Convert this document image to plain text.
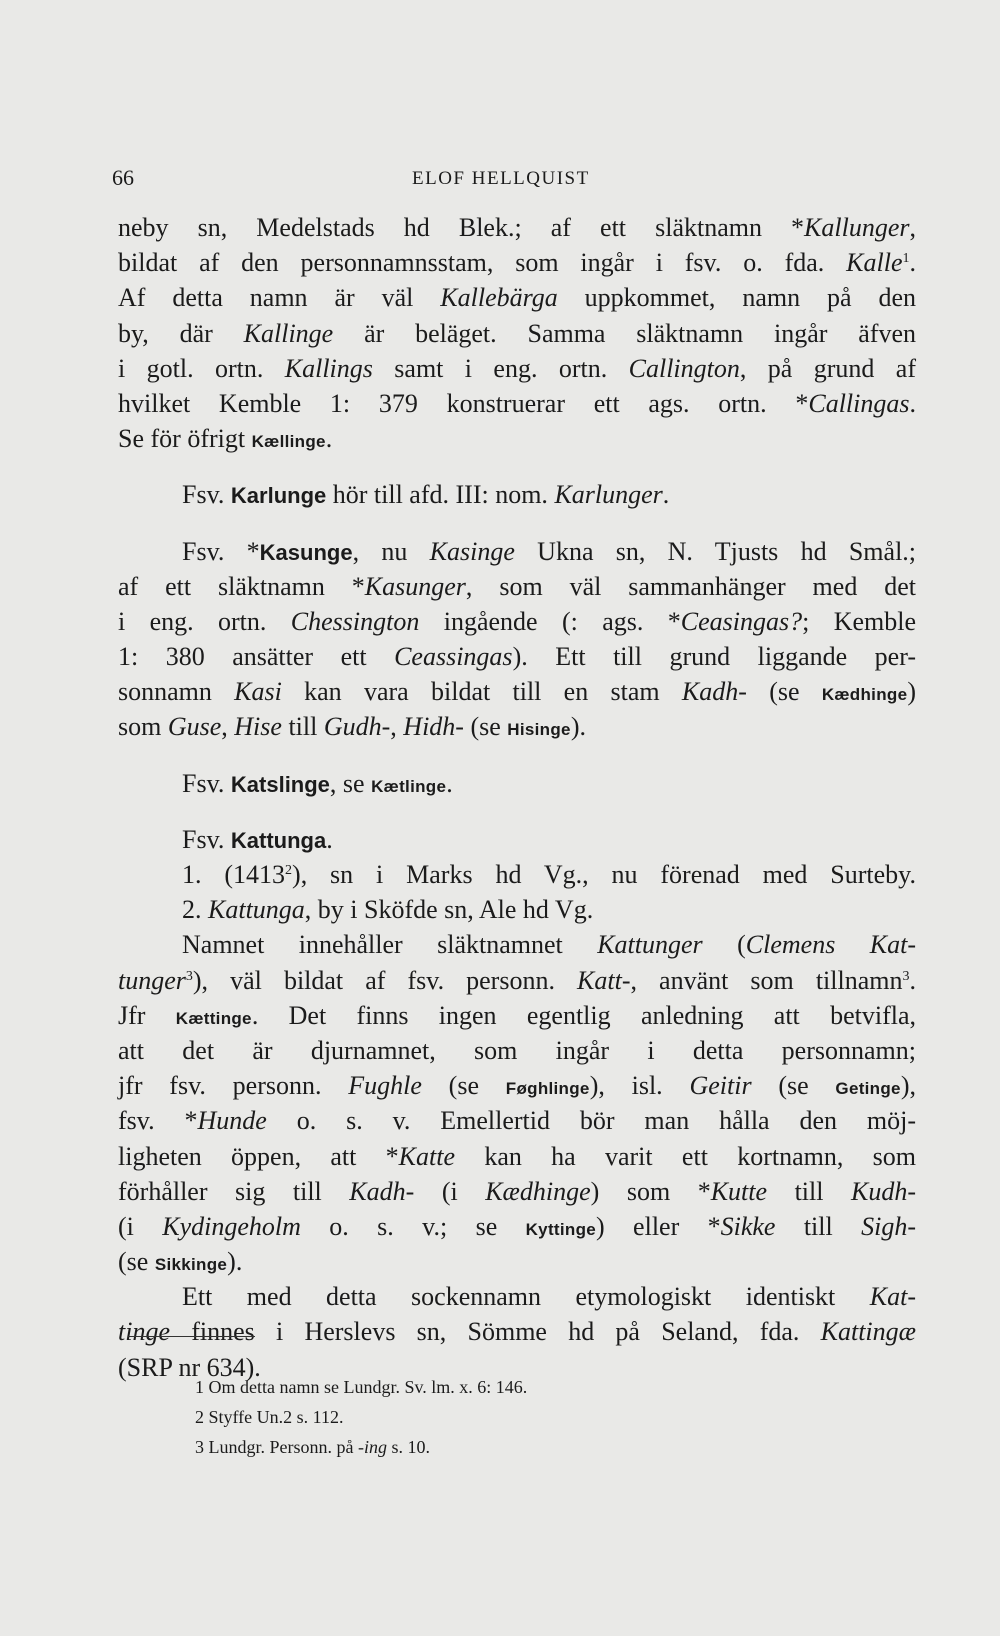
66	ELOF HELLQUIST
neby sn, Medelstads hd Blek.; af ett släktnamn *Kallunger,
bildat af den personnamnsstam, som ingår i fsv. o. fda. Kalle$^1$.
Af detta namn är väl Kallebärga uppkommet, namn på den
by, där Kallinge är beläget. Samma släktnamn ingår äfven
i gotl. ortn. Kallings samt i eng. ortn. Callington, på grund af
hvilket Kemble 1: 379 konstruerar ett ags. ortn. *Callingas.
Se för öfrigt Kællinge.
Fsv. Karlunge hör till afd. III: nom. Karlunger.
Fsv. *Kasunge, nu Kasinge Ukna sn, N. Tjusts hd Smål.;
af ett släktnamn *Kasunger, som väl sammanhänger med det
i eng. ortn. Chessington ingående (: ags. *Ceasingas?; Kemble
1: 380 ansätter ett Ceassingas). Ett till grund liggande per-
sonnamn Kasi kan vara bildat till en stam Kadh- (se Kædhinge)
som Guse, Hise till Gudh-, Hidh- (se Hisinge).
Fsv. Katslinge, se Kætlinge.
Fsv. Kattunga.
1. (1413$^2$), sn i Marks hd Vg., nu förenad med Surteby.
2. Kattunga, by i Sköfde sn, Ale hd Vg.
Namnet innehåller släktnamnet Kattunger (Clemens Kat-
tunger$^3$), väl bildat af fsv. personn. Katt-, använt som tillnamn$^3$.
Jfr Kættinge. Det finns ingen egentlig anledning att betvifla,
att det är djurnamnet, som ingår i detta personnamn;
jfr fsv. personn. Fughle (se Føghlinge), isl. Geitir (se Getinge),
fsv. *Hunde o. s. v. Emellertid bör man hålla den möj-
ligheten öppen, att *Katte kan ha varit ett kortnamn, som
förhåller sig till Kadh- (i Kædhinge) som *Kutte till Kudh-
(i Kydingeholm o. s. v.; se Kyttinge) eller *Sikke till Sigh-
(se Sikkinge).
Ett med detta sockennamn etymologiskt identiskt Kat-
tinge finnes i Herslevs sn, Sömme hd på Seland, fda. Kattingæ
(SRP nr 634).
1 Om detta namn se Lundgr. Sv. lm. x. 6: 146.
2 Styffe Un.2 s. 112.
3 Lundgr. Personn. på -ing s. 10.
